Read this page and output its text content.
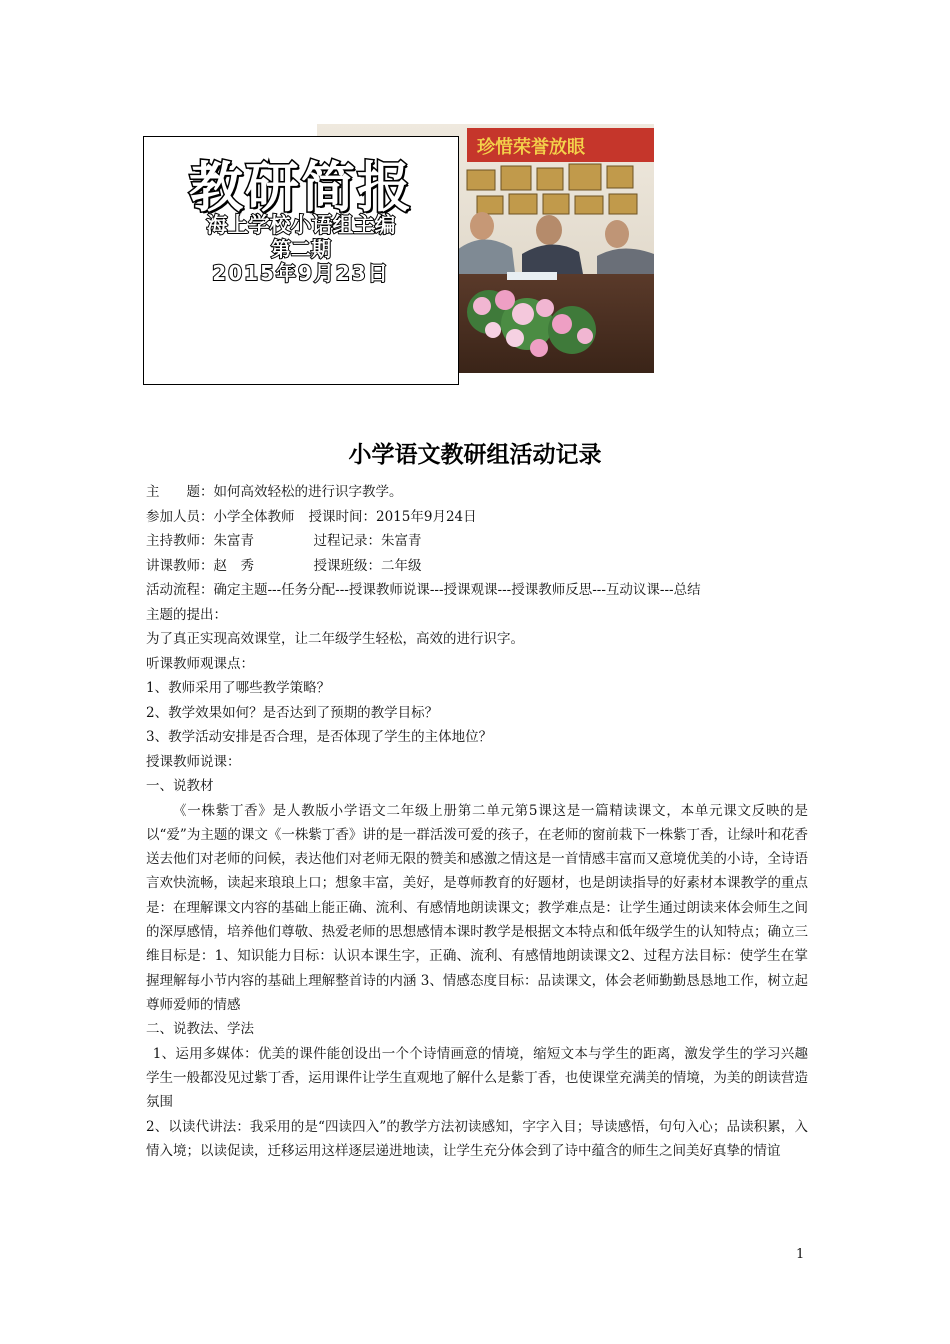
珍惜荣誉放眼
教研简报
海上学校小语组主编
第二期
2015年9月23日
小学语文教研组活动记录
主　　题：如何高效轻松的进行识字教学。
参加人员：小学全体教师 授课时间：2015年9月24日
主持教师：朱富青	过程记录：朱富青
讲课教师：赵　秀	授课班级：二年级
活动流程：确定主题---任务分配---授课教师说课---授课观课---授课教师反思---互动议课---总结
主题的提出：
为了真正实现高效课堂，让二年级学生轻松，高效的进行识字。
听课教师观课点：
1、教师采用了哪些教学策略？
2、教学效果如何？是否达到了预期的教学目标？
3、教学活动安排是否合理，是否体现了学生的主体地位？
授课教师说课：
一、说教材
《一株紫丁香》是人教版小学语文二年级上册第二单元第5课这是一篇精读课文，本单元课文反映的是以“爱”为主题的课文《一株紫丁香》讲的是一群活泼可爱的孩子，在老师的窗前栽下一株紫丁香，让绿叶和花香送去他们对老师的问候，表达他们对老师无限的赞美和感激之情这是一首情感丰富而又意境优美的小诗，全诗语言欢快流畅，读起来琅琅上口；想象丰富，美好，是尊师教育的好题材，也是朗读指导的好素材本课教学的重点是：在理解课文内容的基础上能正确、流利、有感情地朗读课文；教学难点是：让学生通过朗读来体会师生之间的深厚感情，培养他们尊敬、热爱老师的思想感情本课时教学是根据文本特点和低年级学生的认知特点；确立三维目标是：1、知识能力目标：认识本课生字，正确、流利、有感情地朗读课文2、过程方法目标：使学生在掌握理解每小节内容的基础上理解整首诗的内涵 3、情感态度目标：品读课文，体会老师勤勤恳恳地工作，树立起尊师爱师的情感
二、说教法、学法
1、运用多媒体：优美的课件能创设出一个个诗情画意的情境，缩短文本与学生的距离，激发学生的学习兴趣学生一般都没见过紫丁香，运用课件让学生直观地了解什么是紫丁香，也使课堂充满美的情境，为美的朗读营造氛围
2、以读代讲法：我采用的是“四读四入”的教学方法初读感知，字字入目；导读感悟，句句入心；品读积累，入情入境；以读促读，迁移运用这样逐层递进地读，让学生充分体会到了诗中蕴含的师生之间美好真挚的情谊
1
